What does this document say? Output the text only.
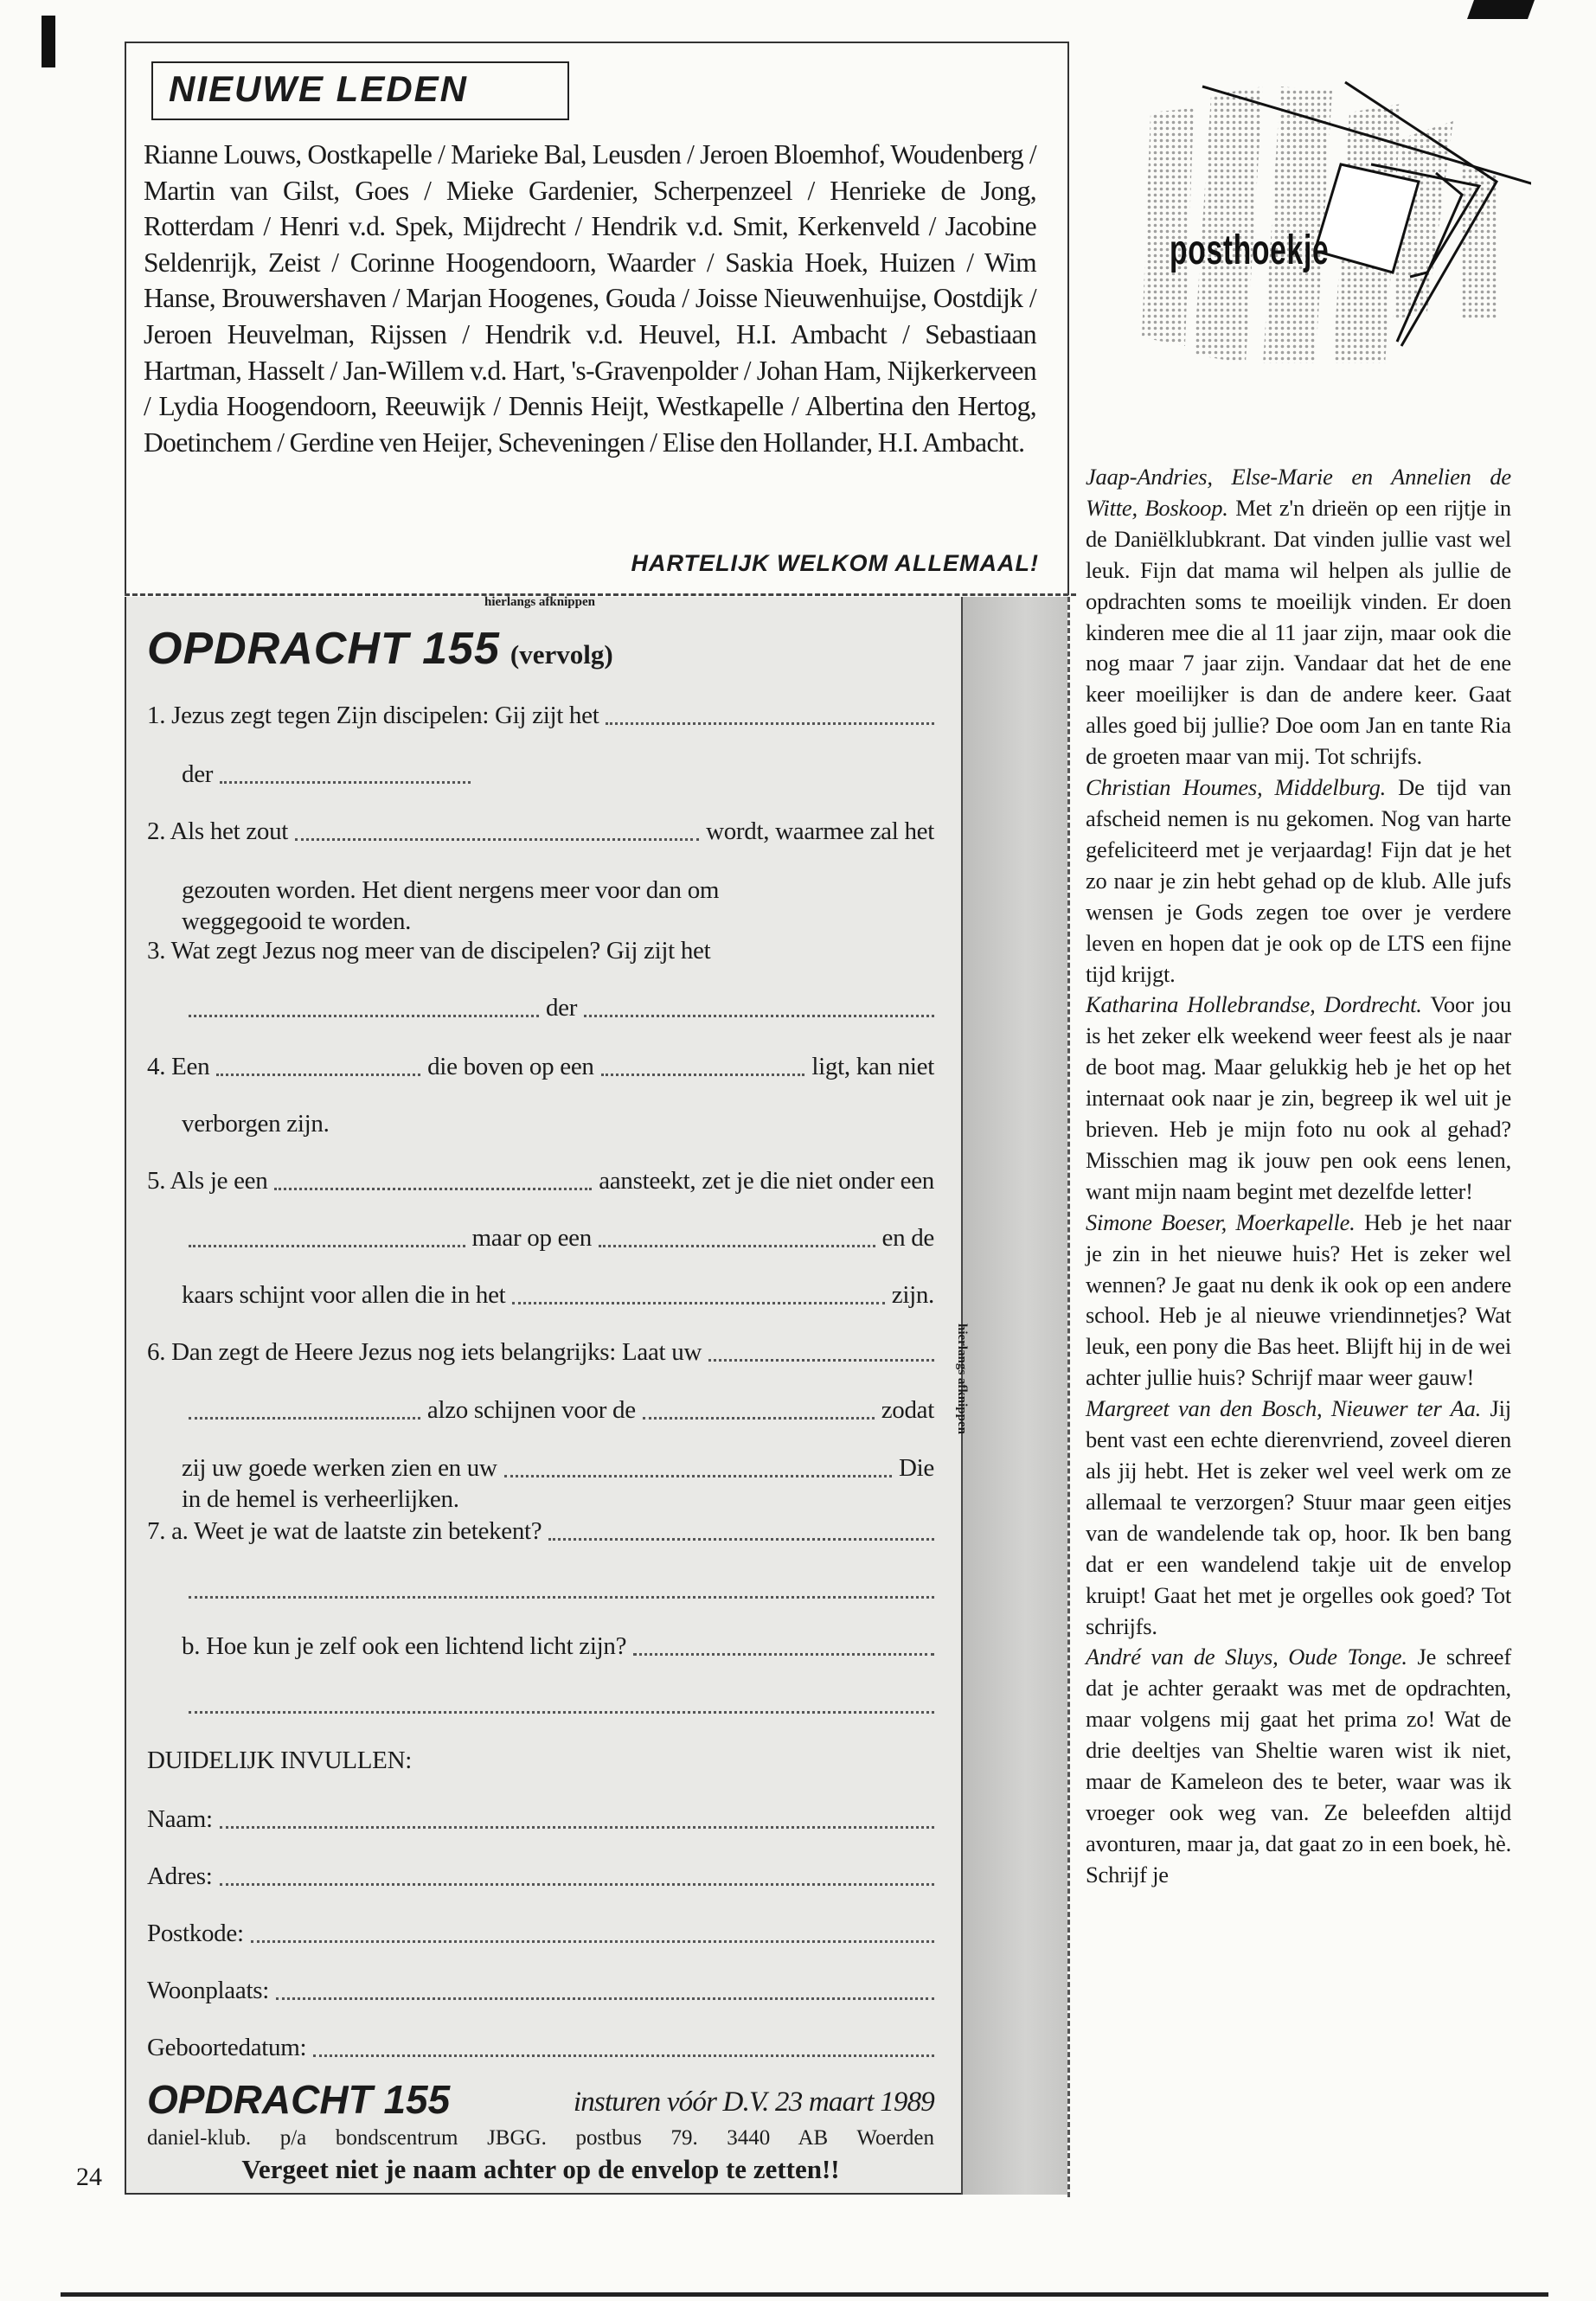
NIEUWE LEDEN
Rianne Louws, Oostkapelle / Marieke Bal, Leusden / Jeroen Bloemhof, Woudenberg / Martin van Gilst, Goes / Mieke Gardenier, Scherpenzeel / Henrieke de Jong, Rotterdam / Henri v.d. Spek, Mijdrecht / Hendrik v.d. Smit, Kerkenveld / Jacobine Seldenrijk, Zeist / Corinne Hoogendoorn, Waarder / Saskia Hoek, Huizen / Wim Hanse, Brouwershaven / Marjan Hoogenes, Gouda / Joisse Nieuwenhuijse, Oostdijk / Jeroen Heuvelman, Rijssen / Hendrik v.d. Heuvel, H.I. Ambacht / Sebastiaan Hartman, Hasselt / Jan-Willem v.d. Hart, 's-Gravenpolder / Johan Ham, Nijkerkerveen / Lydia Hoogendoorn, Reeuwijk / Dennis Heijt, Westkapelle / Albertina den Hertog, Doetinchem / Gerdine ven Heijer, Scheveningen / Elise den Hollander, H.I. Ambacht.
HARTELIJK WELKOM ALLEMAAL!
hierlangs afknippen
hierlangs afknippen
OPDRACHT 155 (vervolg)
1. Jezus zegt tegen Zijn discipelen: Gij zijt het
der
2. Als het zout	wordt, waarmee zal het
gezouten worden. Het dient nergens meer voor dan om
weggegooid te worden.
3. Wat zegt Jezus nog meer van de discipelen? Gij zijt het
der
4. Een	die boven op een	ligt, kan niet
verborgen zijn.
5. Als je een	aansteekt, zet je die niet onder een
maar op een	en de
kaars schijnt voor allen die in het	zijn.
6. Dan zegt de Heere Jezus nog iets belangrijks: Laat uw
alzo schijnen voor de	zodat
zij uw goede werken zien en uw	Die
in de hemel is verheerlijken.
7. a. Weet je wat de laatste zin betekent?
b. Hoe kun je zelf ook een lichtend licht zijn?
DUIDELIJK INVULLEN:
Naam:
Adres:
Postkode:
Woonplaats:
Geboortedatum:
OPDRACHT 155	insturen vóór D.V. 23 maart 1989
daniel-klub. p/a bondscentrum JBGG. postbus 79. 3440 AB Woerden
Vergeet niet je naam achter op de envelop te zetten!!
24
posthoekje

Jaap-Andries, Else-Marie en Annelien de Witte, Boskoop. Met z'n drieën op een rijtje in de Daniëlklubkrant. Dat vinden jullie vast wel leuk. Fijn dat mama wil helpen als jullie de opdrachten soms te moeilijk vinden. Er doen kinderen mee die al 11 jaar zijn, maar ook die nog maar 7 jaar zijn. Vandaar dat het de ene keer moeilijker is dan de andere keer. Gaat alles goed bij jullie? Doe oom Jan en tante Ria de groeten maar van mij. Tot schrijfs.

Christian Houmes, Middelburg. De tijd van afscheid nemen is nu gekomen. Nog van harte gefeliciteerd met je verjaardag! Fijn dat je het zo naar je zin hebt gehad op de klub. Alle jufs wensen je Gods zegen toe over je verdere leven en hopen dat je ook op de LTS een fijne tijd krijgt.

Katharina Hollebrandse, Dordrecht. Voor jou is het zeker elk weekend weer feest als je naar de boot mag. Maar gelukkig heb je het op het internaat ook naar je zin, begreep ik wel uit je brieven. Heb je mijn foto nu ook al gehad? Misschien mag ik jouw pen ook eens lenen, want mijn naam begint met dezelfde letter!

Simone Boeser, Moerkapelle. Heb je het naar je zin in het nieuwe huis? Het is zeker wel wennen? Je gaat nu denk ik ook op een andere school. Heb je al nieuwe vriendinnetjes? Wat leuk, een pony die Bas heet. Blijft hij in de wei achter jullie huis? Schrijf maar weer gauw!

Margreet van den Bosch, Nieuwer ter Aa. Jij bent vast een echte dierenvriend, zoveel dieren als jij hebt. Het is zeker wel veel werk om ze allemaal te verzorgen? Stuur maar geen eitjes van de wandelende tak op, hoor. Ik ben bang dat er een wandelend takje uit de envelop kruipt! Gaat het met je orgelles ook goed? Tot schrijfs.

André van de Sluys, Oude Tonge. Je schreef dat je achter geraakt was met de opdrachten, maar volgens mij gaat het prima zo! Wat de drie deeltjes van Sheltie waren wist ik niet, maar de Kameleon des te beter, waar was ik vroeger ook weg van. Ze beleefden altijd avonturen, maar ja, dat gaat zo in een boek, hè. Schrijf je
